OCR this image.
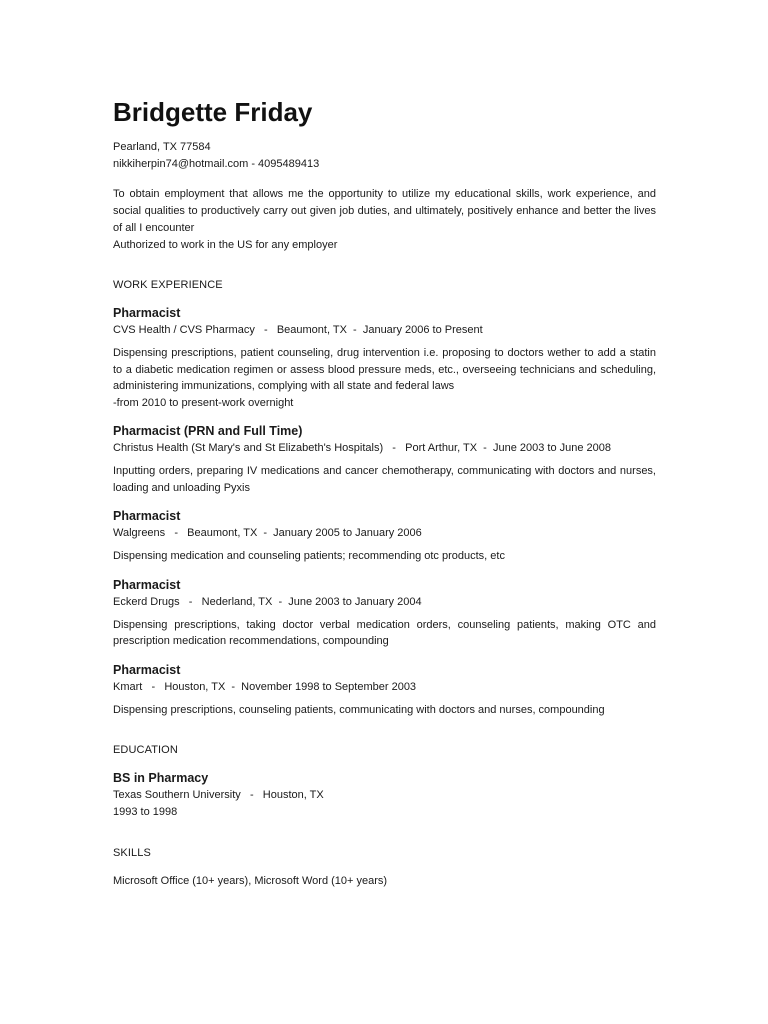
Bridgette Friday
Pearland, TX 77584
nikkiherpin74@hotmail.com - 4095489413
To obtain employment that allows me the opportunity to utilize my educational skills, work experience, and social qualities to productively carry out given job duties, and ultimately, positively enhance and better the lives of all I encounter
Authorized to work in the US for any employer
WORK EXPERIENCE
Pharmacist
CVS Health / CVS Pharmacy   -   Beaumont, TX  -  January 2006 to Present
Dispensing prescriptions, patient counseling, drug intervention i.e. proposing to doctors wether to add a statin to a diabetic medication regimen or assess blood pressure meds, etc., overseeing technicians and scheduling, administering immunizations, complying with all state and federal laws
-from 2010 to present-work overnight
Pharmacist (PRN and Full Time)
Christus Health (St Mary's and St Elizabeth's Hospitals)   -   Port Arthur, TX  -  June 2003 to June 2008
Inputting orders, preparing IV medications and cancer chemotherapy, communicating with doctors and nurses, loading and unloading Pyxis
Pharmacist
Walgreens   -   Beaumont, TX  -  January 2005 to January 2006
Dispensing medication and counseling patients; recommending otc products, etc
Pharmacist
Eckerd Drugs   -   Nederland, TX  -  June 2003 to January 2004
Dispensing prescriptions, taking doctor verbal medication orders, counseling patients, making OTC and prescription medication recommendations, compounding
Pharmacist
Kmart   -   Houston, TX  -  November 1998 to September 2003
Dispensing prescriptions, counseling patients, communicating with doctors and nurses, compounding
EDUCATION
BS in Pharmacy
Texas Southern University   -   Houston, TX
1993 to 1998
SKILLS
Microsoft Office (10+ years), Microsoft Word (10+ years)
